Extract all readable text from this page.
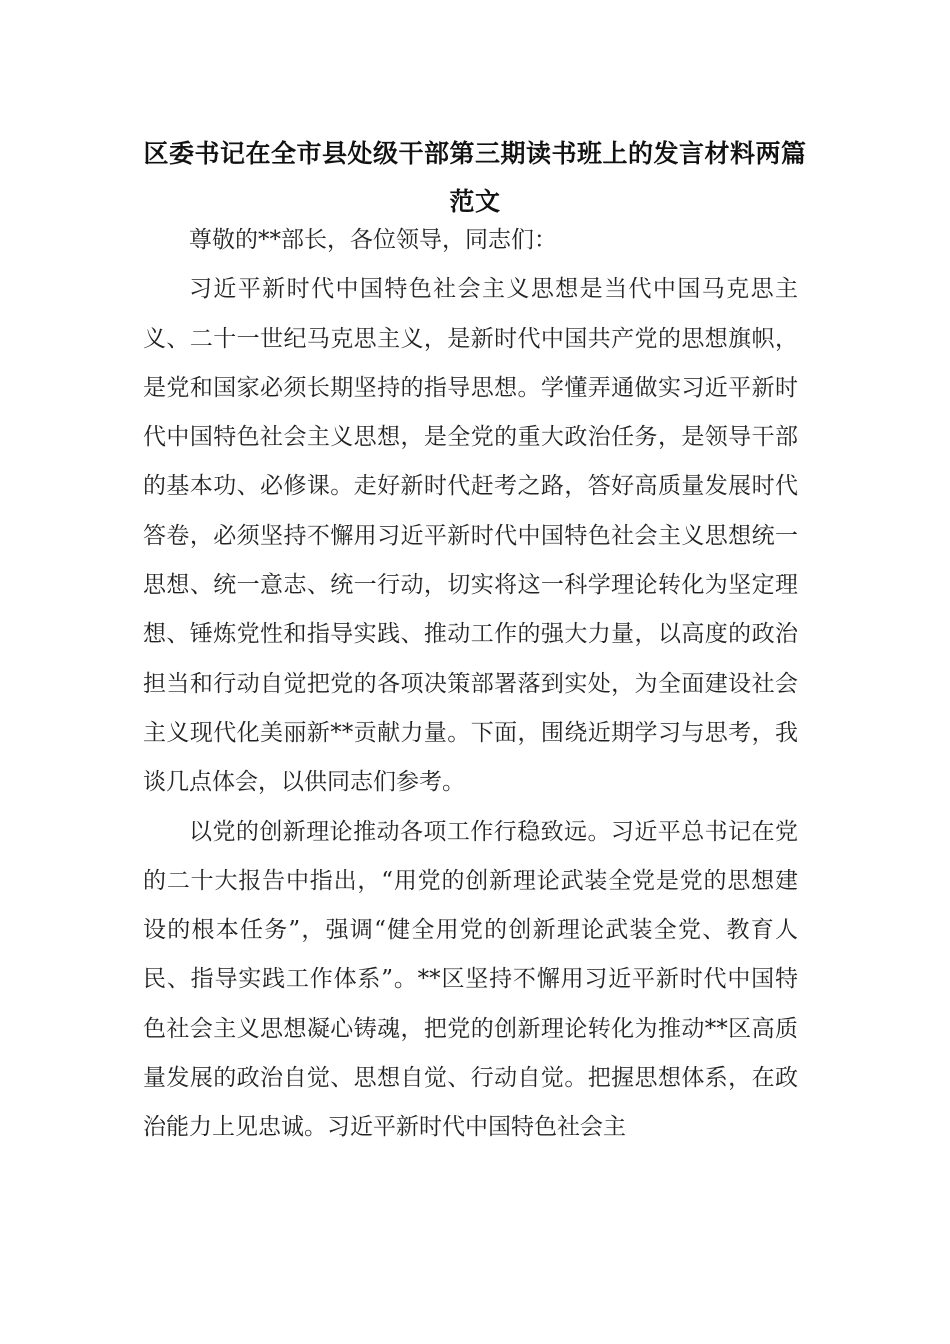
区委书记在全市县处级干部第三期读书班上的发言材料两篇范文

尊敬的**部长，各位领导，同志们：

习近平新时代中国特色社会主义思想是当代中国马克思主义、二十一世纪马克思主义，是新时代中国共产党的思想旗帜，是党和国家必须长期坚持的指导思想。学懂弄通做实习近平新时代中国特色社会主义思想，是全党的重大政治任务，是领导干部的基本功、必修课。走好新时代赶考之路，答好高质量发展时代答卷，必须坚持不懈用习近平新时代中国特色社会主义思想统一思想、统一意志、统一行动，切实将这一科学理论转化为坚定理想、锤炼党性和指导实践、推动工作的强大力量，以高度的政治担当和行动自觉把党的各项决策部署落到实处，为全面建设社会主义现代化美丽新**贡献力量。下面，围绕近期学习与思考，我谈几点体会，以供同志们参考。

以党的创新理论推动各项工作行稳致远。习近平总书记在党的二十大报告中指出，“用党的创新理论武装全党是党的思想建设的根本任务”，强调“健全用党的创新理论武装全党、教育人民、指导实践工作体系”。**区坚持不懈用习近平新时代中国特色社会主义思想凝心铸魂，把党的创新理论转化为推动**区高质量发展的政治自觉、思想自觉、行动自觉。把握思想体系，在政治能力上见忠诚。习近平新时代中国特色社会主
